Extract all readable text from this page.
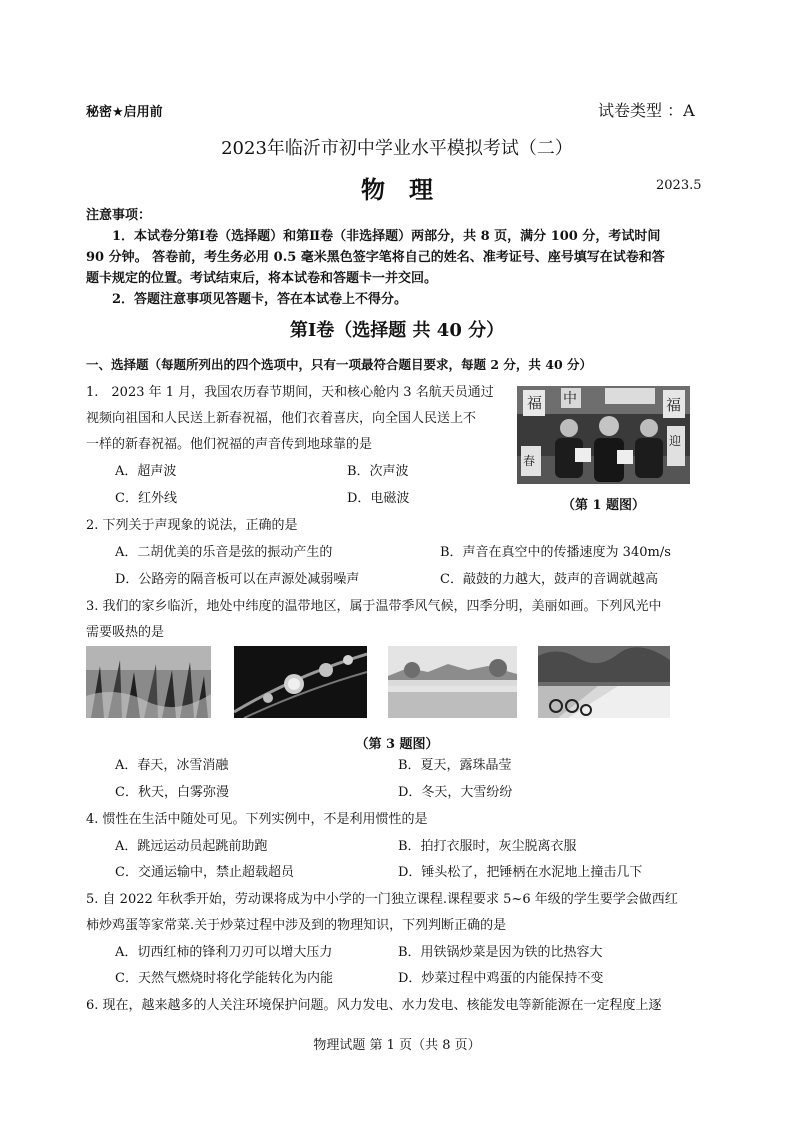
秘密★启用前	试卷类型 ：A
2023年临沂市初中学业水平模拟考试（二）
物　理	2023.5
注意事项：
1．本试卷分第Ⅰ卷（选择题）和第Ⅱ卷（非选择题）两部分，共 8 页，满分 100 分，考试时间
90 分钟。 答卷前，考生务必用 0.5 毫米黑色签字笔将自己的姓名、准考证号、座号填写在试卷和答
题卡规定的位置。考试结束后，将本试卷和答题卡一并交回。
2．答题注意事项见答题卡，答在本试卷上不得分。
第Ⅰ卷（选择题 共 40 分）
一、选择题（每题所列出的四个选项中，只有一项最符合题目要求，每题 2 分，共 40 分）
1.　2023 年 1 月，我国农历春节期间，天和核心舱内 3 名航天员通过
视频向祖国和人民送上新春祝福，他们衣着喜庆，向全国人民送上不
一样的新春祝福。他们祝福的声音传到地球靠的是
A．超声波	B．次声波
C．红外线	D．电磁波
福 中	福
迎
春
（第 1 题图）
2. 下列关于声现象的说法，正确的是
A．二胡优美的乐音是弦的振动产生的	B．声音在真空中的传播速度为 340m/s
D．公路旁的隔音板可以在声源处减弱噪声	C．敲鼓的力越大，鼓声的音调就越高
3. 我们的家乡临沂，地处中纬度的温带地区，属于温带季风气候，四季分明，美丽如画。下列风光中
需要吸热的是
（第 3 题图）
A．春天，冰雪消融	B．夏天，露珠晶莹
C．秋天，白雾弥漫	D．冬天，大雪纷纷
4. 惯性在生活中随处可见。下列实例中，不是利用惯性的是
A．跳远运动员起跳前助跑	B．拍打衣服时，灰尘脱离衣服
C．交通运输中，禁止超载超员	D．锤头松了，把锤柄在水泥地上撞击几下
5. 自 2022 年秋季开始，劳动课将成为中小学的一门独立课程.课程要求 5~6 年级的学生要学会做西红
柿炒鸡蛋等家常菜.关于炒菜过程中涉及到的物理知识，下列判断正确的是
A．切西红柿的锋利刀刃可以增大压力	B．用铁锅炒菜是因为铁的比热容大
C．天然气燃烧时将化学能转化为内能	D．炒菜过程中鸡蛋的内能保持不变
6. 现在，越来越多的人关注环境保护问题。风力发电、水力发电、核能发电等新能源在一定程度上逐
物理试题 第 1 页（共 8 页）
